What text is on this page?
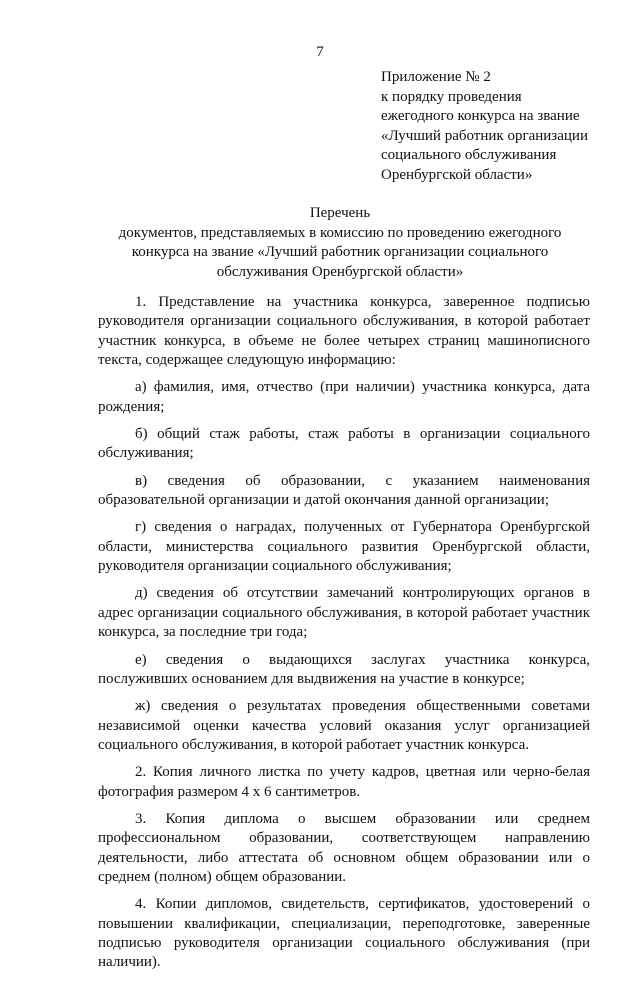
7
Приложение № 2
к порядку проведения
ежегодного конкурса на звание
«Лучший работник организации
социального обслуживания
Оренбургской области»
Перечень
документов, представляемых в комиссию по проведению ежегодного
конкурса на звание «Лучший работник организации социального
обслуживания Оренбургской области»

1. Представление на участника конкурса, заверенное подписью руководителя организации социального обслуживания, в которой работает участник конкурса, в объеме не более четырех страниц машинописного текста, содержащее следующую информацию:

а) фамилия, имя, отчество (при наличии) участника конкурса, дата рождения;

б) общий стаж работы, стаж работы в организации социального обслуживания;

в) сведения об образовании, с указанием наименования образовательной организации и датой окончания данной организации;

г) сведения о наградах, полученных от Губернатора Оренбургской области, министерства социального развития Оренбургской области, руководителя организации социального обслуживания;

д) сведения об отсутствии замечаний контролирующих органов в адрес организации социального обслуживания, в которой работает участник конкурса, за последние три года;

е) сведения о выдающихся заслугах участника конкурса, послуживших основанием для выдвижения на участие в конкурсе;

ж) сведения о результатах проведения общественными советами независимой оценки качества условий оказания услуг организацией социального обслуживания, в которой работает участник конкурса.

2. Копия личного листка по учету кадров, цветная или черно-белая фотография размером 4 х 6 сантиметров.

3. Копия диплома о высшем образовании или среднем профессиональном образовании, соответствующем направлению деятельности, либо аттестата об основном общем образовании или о среднем (полном) общем образовании.

4. Копии дипломов, свидетельств, сертификатов, удостоверений о повышении квалификации, специализации, переподготовке, заверенные подписью руководителя организации социального обслуживания (при наличии).
